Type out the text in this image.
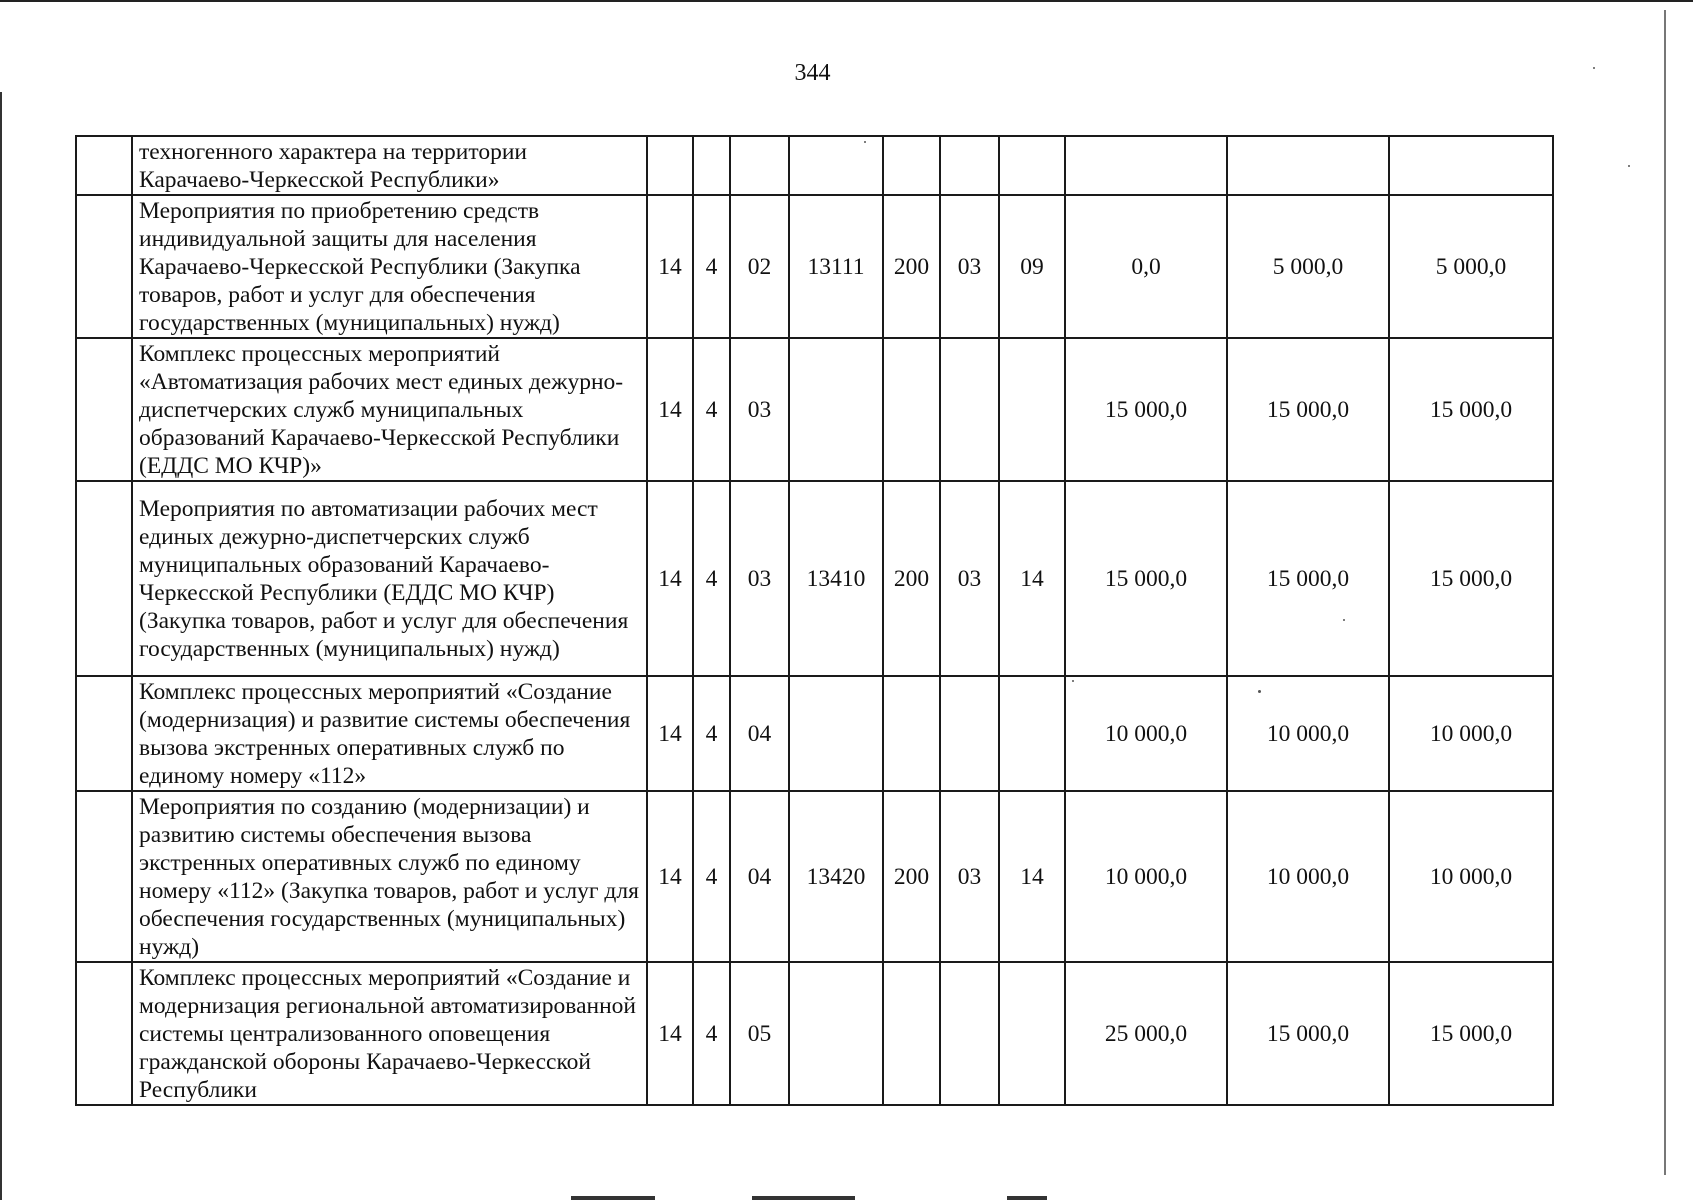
344
	техногенного характера на территории Карачаево-Черкесской Республики»										
	Мероприятия по приобретению средств индивидуальной защиты для населения Карачаево-Черкесской Республики (Закупка товаров, работ и услуг для обеспечения государственных (муниципальных) нужд)	14	4	02	13111	200	03	09	0,0	5 000,0	5 000,0
	Комплекс процессных мероприятий «Автоматизация рабочих мест единых дежурно-диспетчерских служб муниципальных образований Карачаево-Черкесской Республики (ЕДДС МО КЧР)»	14	4	03					15 000,0	15 000,0	15 000,0
	Мероприятия по автоматизации рабочих мест единых дежурно-диспетчерских служб муниципальных образований Карачаево-Черкесской Республики (ЕДДС МО КЧР) (Закупка товаров, работ и услуг для обеспечения государственных (муниципальных) нужд)	14	4	03	13410	200	03	14	15 000,0	15 000,0	15 000,0
	Комплекс процессных мероприятий «Создание (модернизация) и развитие системы обеспечения вызова экстренных оперативных служб по единому номеру «112»	14	4	04					10 000,0	10 000,0	10 000,0
	Мероприятия по созданию (модернизации) и развитию системы обеспечения вызова экстренных оперативных служб по единому номеру «112» (Закупка товаров, работ и услуг для обеспечения государственных (муниципальных) нужд)	14	4	04	13420	200	03	14	10 000,0	10 000,0	10 000,0
	Комплекс процессных мероприятий «Создание и модернизация региональной автоматизированной системы централизованного оповещения гражданской обороны Карачаево-Черкесской Республики	14	4	05					25 000,0	15 000,0	15 000,0
